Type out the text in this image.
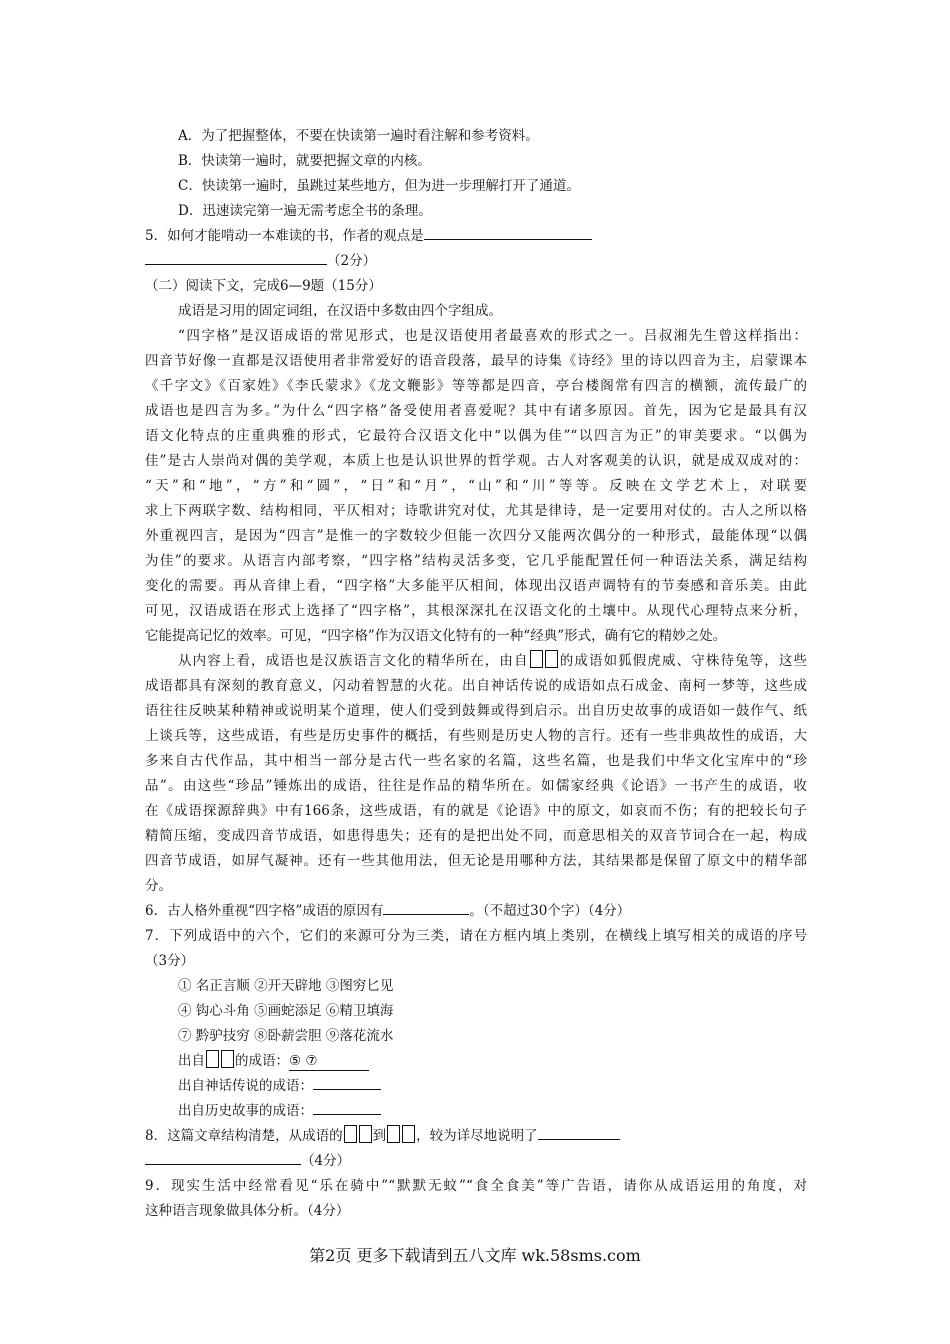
A．为了把握整体，不要在快读第一遍时看注解和参考资料。
B．快读第一遍时，就要把握文章的内核。
C．快读第一遍时，虽跳过某些地方，但为进一步理解打开了通道。
D．迅速读完第一遍无需考虑全书的条理。
5．如何才能啃动一本难读的书，作者的观点是
（2分）
（二）阅读下文，完成6—9题（15分）
成语是习用的固定词组，在汉语中多数由四个字组成。
“四字格”是汉语成语的常见形式，也是汉语使用者最喜欢的形式之一。吕叔湘先生曾这样指出：
四音节好像一直都是汉语使用者非常爱好的语音段落，最早的诗集《诗经》里的诗以四音为主，启蒙课本
《千字文》《百家姓》《李氏蒙求》《龙文鞭影》等等都是四音，亭台楼阁常有四言的横额，流传最广的
成语也是四言为多。”为什么“四字格”备受使用者喜爱呢？其中有诸多原因。首先，因为它是最具有汉
语文化特点的庄重典雅的形式，它最符合汉语文化中“以偶为佳”“以四言为正”的审美要求。“以偶为
佳”是古人崇尚对偶的美学观，本质上也是认识世界的哲学观。古人对客观美的认识，就是成双成对的：
“天”和“地”，“方”和“圆”，“日”和“月”，“山”和“川”等等。反映在文学艺术上，对联要
求上下两联字数、结构相同，平仄相对；诗歌讲究对仗，尤其是律诗，是一定要用对仗的。古人之所以格
外重视四言，是因为“四言”是惟一的字数较少但能一次四分又能两次偶分的一种形式，最能体现“以偶
为佳”的要求。从语言内部考察，“四字格”结构灵活多变，它几乎能配置任何一种语法关系，满足结构
变化的需要。再从音律上看，“四字格”大多能平仄相间，体现出汉语声调特有的节奏感和音乐美。由此
可见，汉语成语在形式上选择了“四字格”，其根深深扎在汉语文化的土壤中。从现代心理特点来分析，
它能提高记忆的效率。可见，“四字格”作为汉语文化特有的一种“经典”形式，确有它的精妙之处。
从内容上看，成语也是汉族语言文化的精华所在，由自 的成语如狐假虎威、守株待兔等，这些
成语都具有深刻的教育意义，闪动着智慧的火花。出自神话传说的成语如点石成金、南柯一梦等，这些成
语往往反映某种精神或说明某个道理，使人们受到鼓舞或得到启示。出自历史故事的成语如一鼓作气、纸
上谈兵等，这些成语，有些是历史事件的概括，有些则是历史人物的言行。还有一些非典故性的成语，大
多来自古代作品，其中相当一部分是古代一些名家的名篇，这些名篇，也是我们中华文化宝库中的“珍
品”。由这些“珍品”锤炼出的成语，往往是作品的精华所在。如儒家经典《论语》一书产生的成语，收
在《成语探源辞典》中有166条，这些成语，有的就是《论语》中的原文，如哀而不伤；有的把较长句子
精简压缩，变成四音节成语，如患得患失；还有的是把出处不同，而意思相关的双音节词合在一起，构成
四音节成语，如屏气凝神。还有一些其他用法，但无论是用哪种方法，其结果都是保留了原文中的精华部
分。
6．古人格外重视“四字格”成语的原因有	。（不超过30个字）（4分）
7．下列成语中的六个，它们的来源可分为三类，请在方框内填上类别，在横线上填写相关的成语的序号
（3分）
① 名正言顺 ②开天辟地 ③图穷匕见
④ 钩心斗角 ⑤画蛇添足 ⑥精卫填海
⑦ 黔驴技穷 ⑧卧薪尝胆 ⑨落花流水
出自 的成语：⑤ ⑦
出自神话传说的成语：
出自历史故事的成语：
8．这篇文章结构清楚，从成语的 到 ，较为详尽地说明了
（4分）
9．现实生活中经常看见“乐在骑中”“默默无蚊”“食全食美”等广告语，请你从成语运用的角度，对
这种语言现象做具体分析。（4分）
第2页 更多下载请到五八文库 wk.58sms.com
